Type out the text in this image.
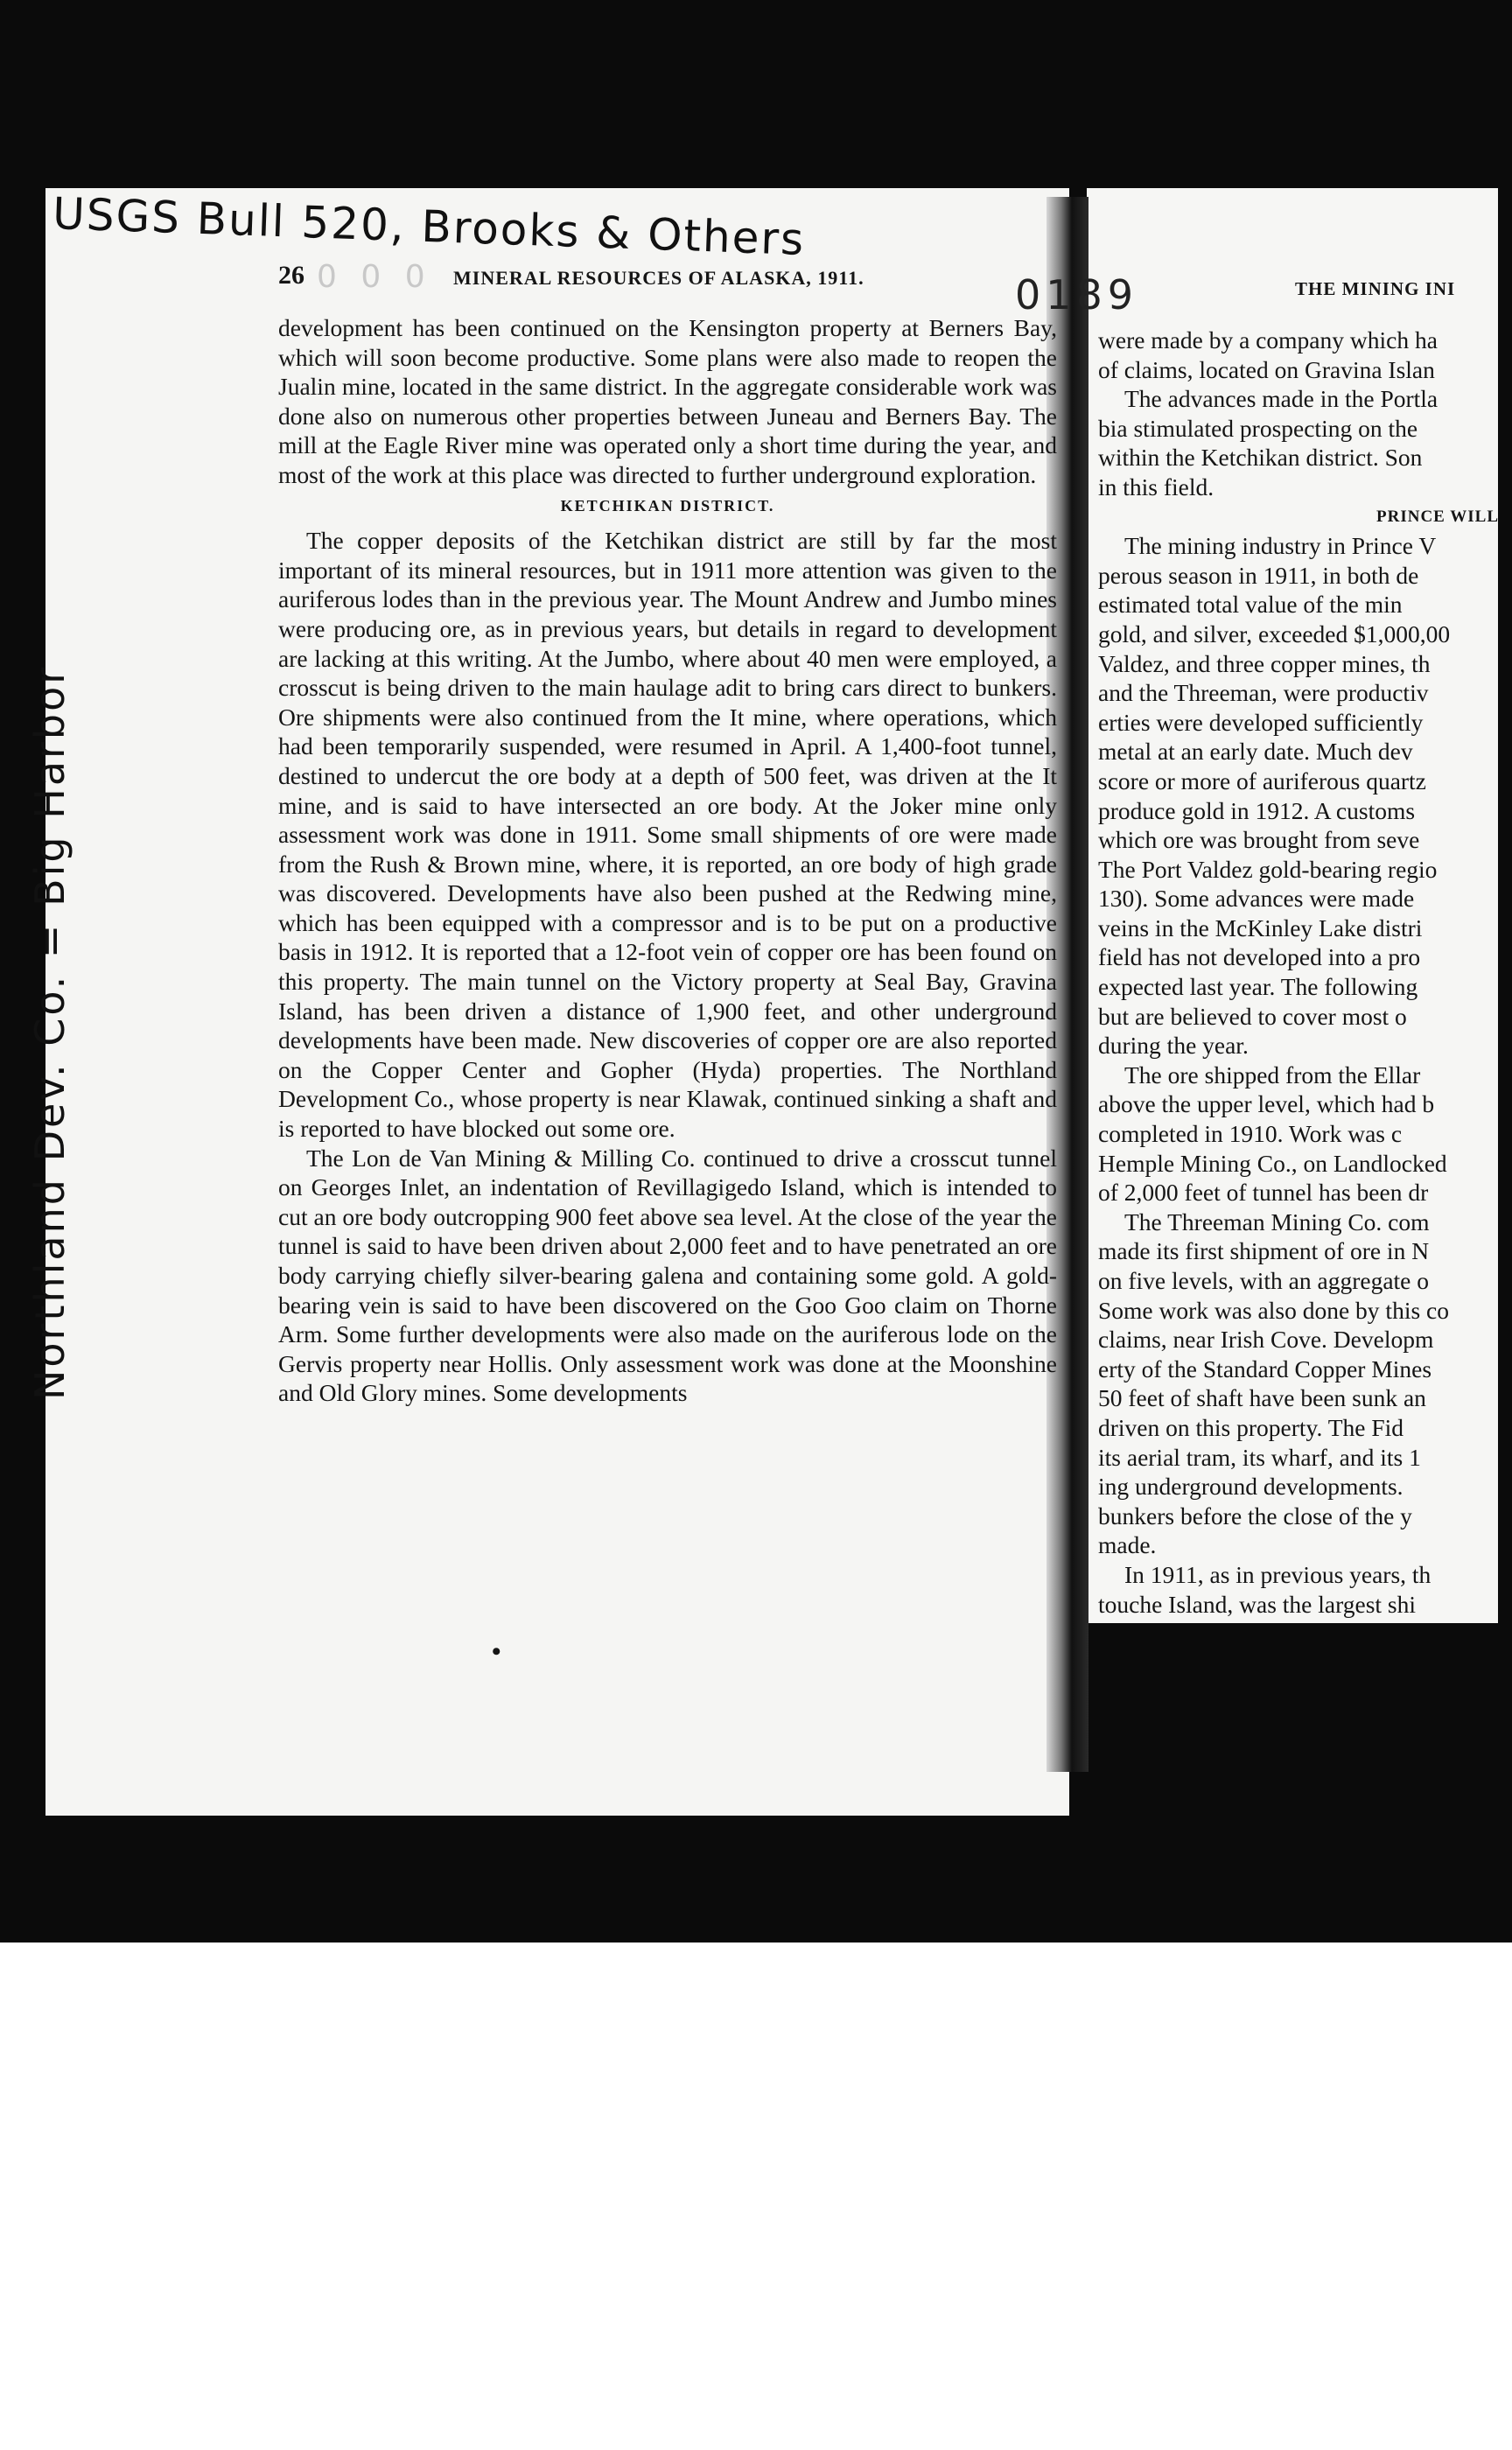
USGS Bull 520, Brooks & Others
Northland Dev. Co. = Big Harbor
26 0 0 0 MINERAL RESOURCES OF ALASKA, 1911.	0189

development has been continued on the Kensington property at Berners Bay, which will soon become productive. Some plans were also made to reopen the Jualin mine, located in the same district. In the aggregate considerable work was done also on numerous other properties between Juneau and Berners Bay. The mill at the Eagle River mine was operated only a short time during the year, and most of the work at this place was directed to further underground exploration.

KETCHIKAN DISTRICT.

The copper deposits of the Ketchikan district are still by far the most important of its mineral resources, but in 1911 more attention was given to the auriferous lodes than in the previous year. The Mount Andrew and Jumbo mines were producing ore, as in previous years, but details in regard to development are lacking at this writing. At the Jumbo, where about 40 men were employed, a crosscut is being driven to the main haulage adit to bring cars direct to bunkers. Ore shipments were also continued from the It mine, where operations, which had been temporarily suspended, were resumed in April. A 1,400-foot tunnel, destined to undercut the ore body at a depth of 500 feet, was driven at the It mine, and is said to have intersected an ore body. At the Joker mine only assessment work was done in 1911. Some small shipments of ore were made from the Rush & Brown mine, where, it is reported, an ore body of high grade was discovered. Developments have also been pushed at the Redwing mine, which has been equipped with a compressor and is to be put on a productive basis in 1912. It is reported that a 12-foot vein of copper ore has been found on this property. The main tunnel on the Victory property at Seal Bay, Gravina Island, has been driven a distance of 1,900 feet, and other underground developments have been made. New discoveries of copper ore are also reported on the Copper Center and Gopher (Hyda) properties. The Northland Development Co., whose property is near Klawak, continued sinking a shaft and is reported to have blocked out some ore.

The Lon de Van Mining & Milling Co. continued to drive a crosscut tunnel on Georges Inlet, an indentation of Revillagigedo Island, which is intended to cut an ore body outcropping 900 feet above sea level. At the close of the year the tunnel is said to have been driven about 2,000 feet and to have penetrated an ore body carrying chiefly silver-bearing galena and containing some gold. A gold-bearing vein is said to have been discovered on the Goo Goo claim on Thorne Arm. Some further developments were also made on the auriferous lode on the Gervis property near Hollis. Only assessment work was done at the Moonshine and Old Glory mines. Some developments

THE MINING INI
were made by a company which ha
of claims, located on Gravina Islan
The advances made in the Portla
bia stimulated prospecting on the
within the Ketchikan district. Son
in this field.
PRINCE WILL
The mining industry in Prince V
perous season in 1911, in both de
estimated total value of the min
gold, and silver, exceeded $1,000,00
Valdez, and three copper mines, th
and the Threeman, were productiv
erties were developed sufficiently
metal at an early date. Much dev
score or more of auriferous quartz
produce gold in 1912. A customs
which ore was brought from seve
The Port Valdez gold-bearing regio
130). Some advances were made
veins in the McKinley Lake distri
field has not developed into a pro
expected last year. The following
but are believed to cover most o
during the year.
The ore shipped from the Ellar
above the upper level, which had b
completed in 1910. Work was c
Hemple Mining Co., on Landlocked
of 2,000 feet of tunnel has been dr
The Threeman Mining Co. com
made its first shipment of ore in N
on five levels, with an aggregate o
Some work was also done by this co
claims, near Irish Cove. Developm
erty of the Standard Copper Mines
50 feet of shaft have been sunk an
driven on this property. The Fid
its aerial tram, its wharf, and its 1
ing underground developments.
bunkers before the close of the y
made.
In 1911, as in previous years, th
touche Island, was the largest shi
•
